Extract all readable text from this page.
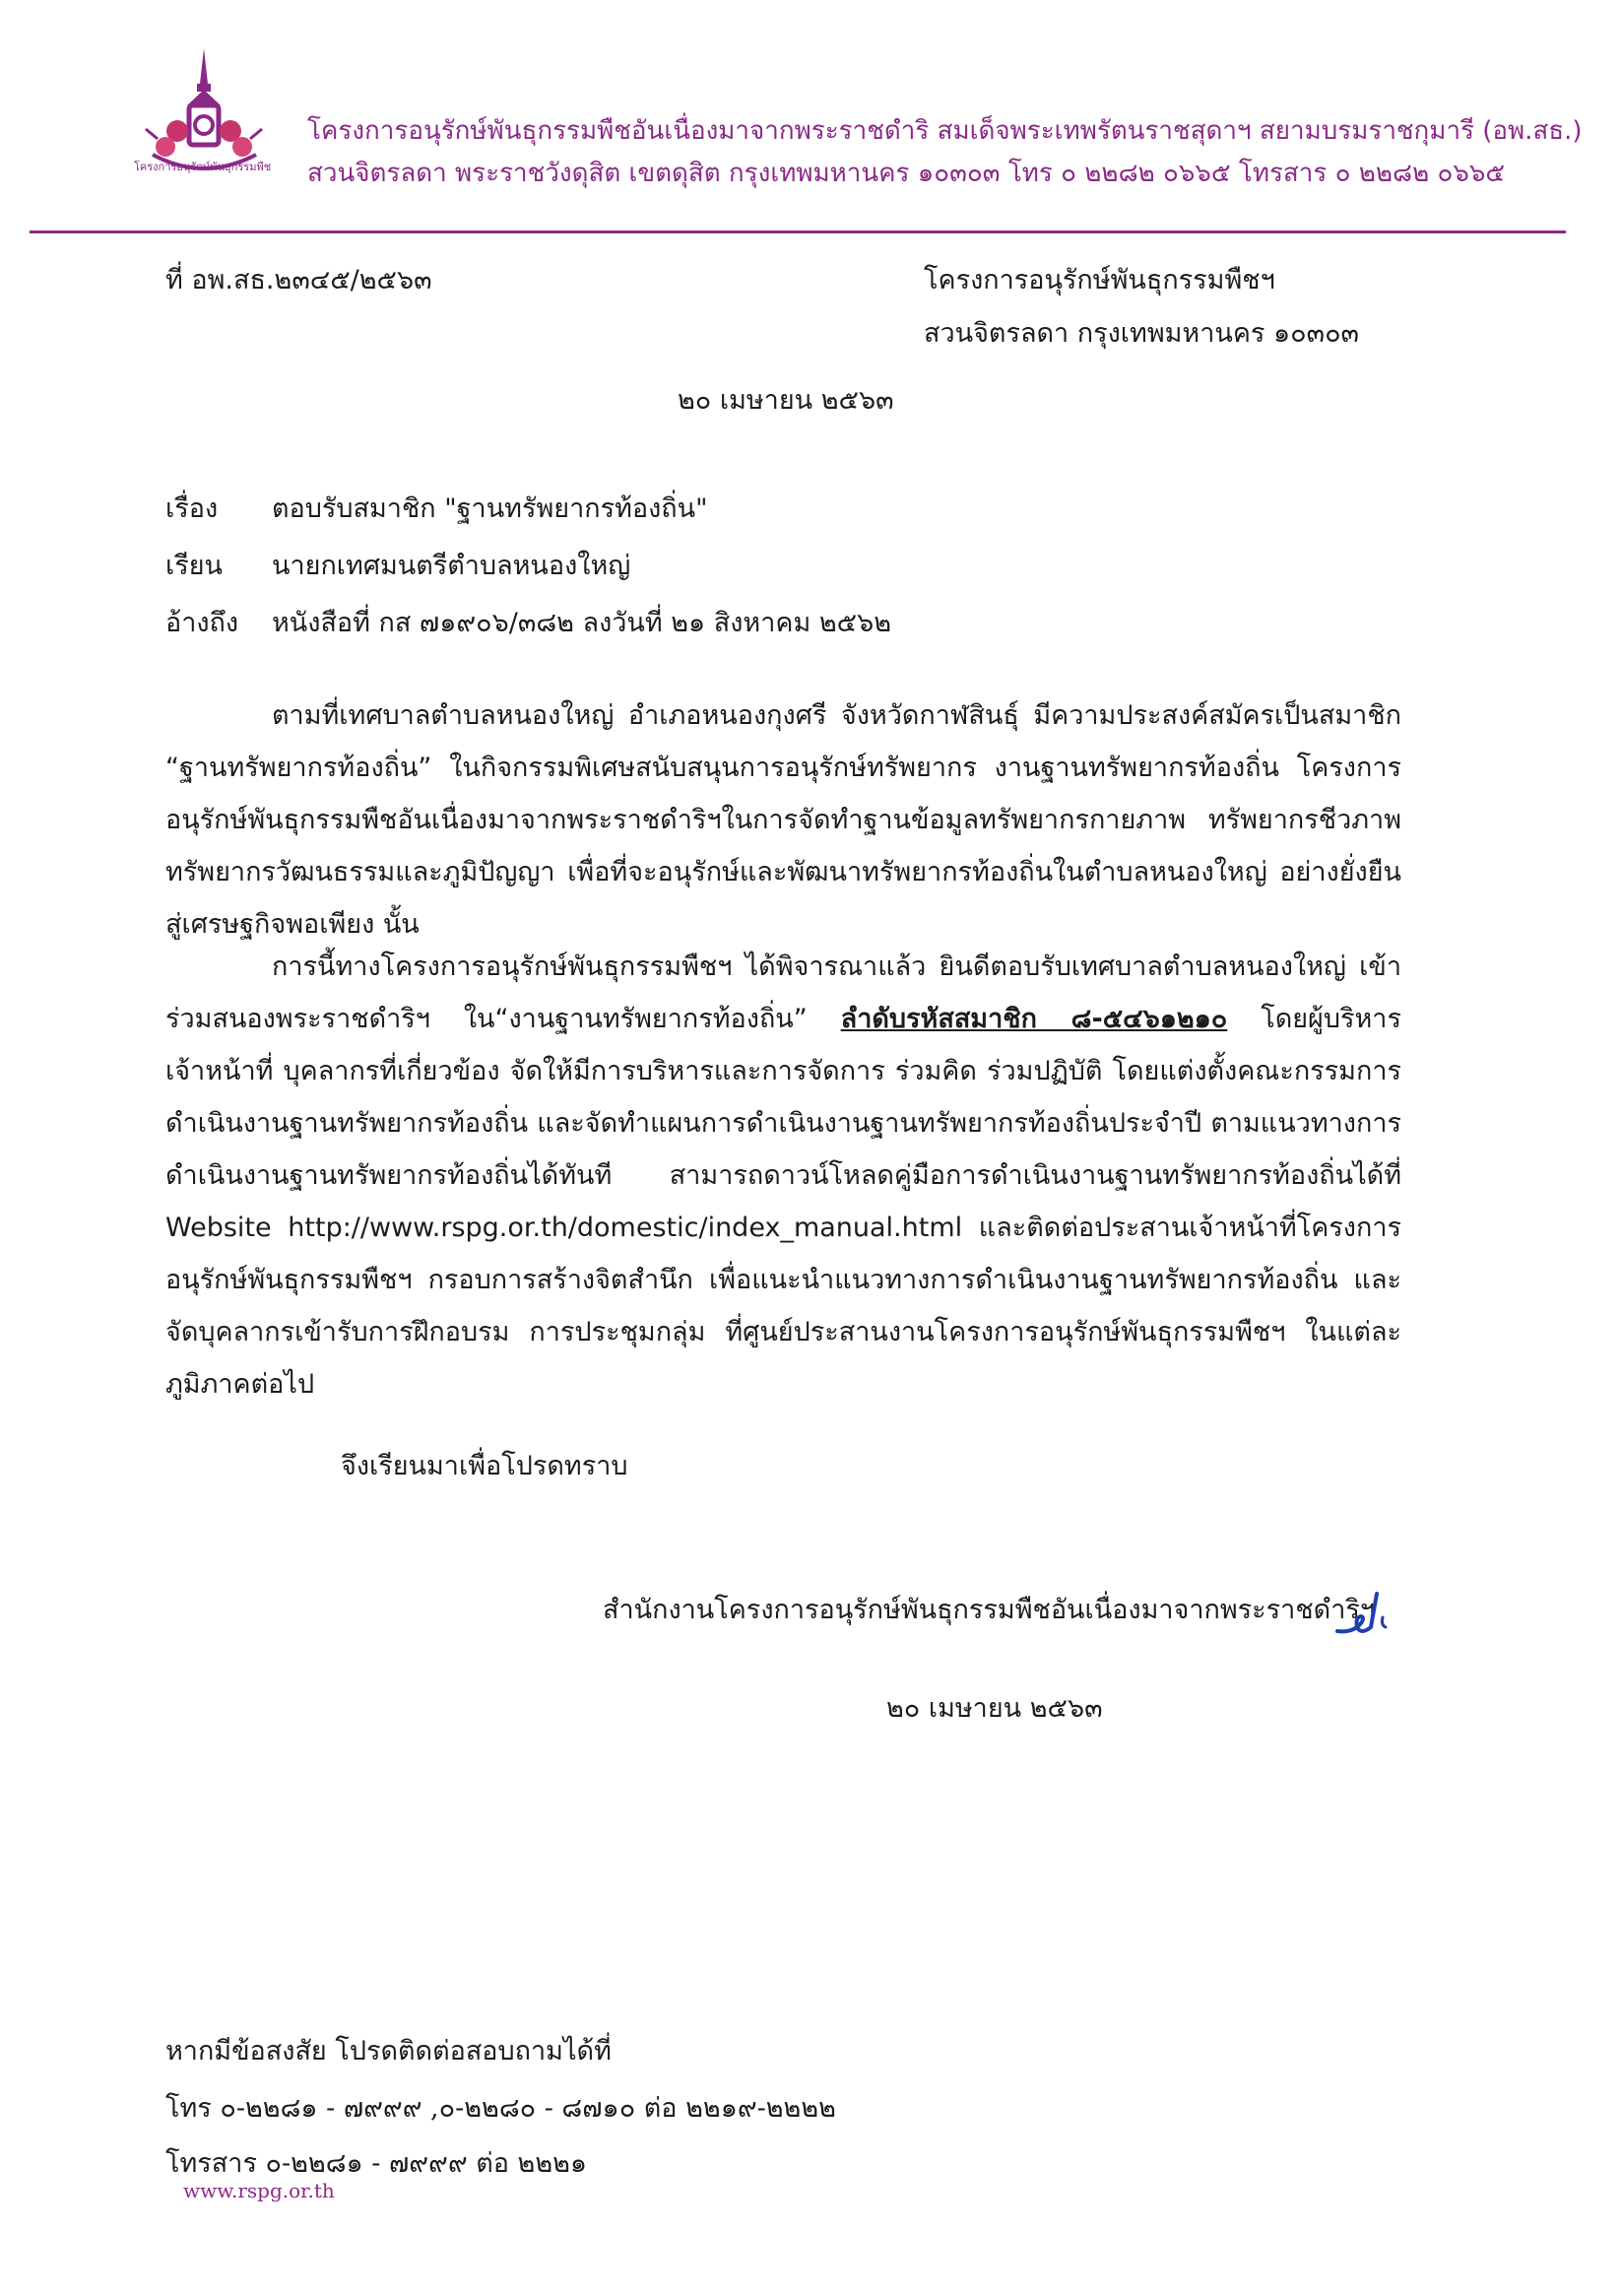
โครงการอนุรักษ์พันธุกรรมพืช
โครงการอนุรักษ์พันธุกรรมพืชอันเนื่องมาจากพระราชดำริ สมเด็จพระเทพรัตนราชสุดาฯ สยามบรมราชกุมารี (อพ.สธ.)
สวนจิตรลดา พระราชวังดุสิต เขตดุสิต กรุงเทพมหานคร ๑๐๓๐๓ โทร ๐ ๒๒๘๒ ๐๖๖๕ โทรสาร ๐ ๒๒๘๒ ๐๖๖๕
ที่ อพ.สธ.๒๓๔๕/๒๕๖๓	โครงการอนุรักษ์พันธุกรรมพืชฯ
สวนจิตรลดา กรุงเทพมหานคร ๑๐๓๐๓
๒๐ เมษายน ๒๕๖๓
เรื่อง ตอบรับสมาชิก "ฐานทรัพยากรท้องถิ่น"
เรียน นายกเทศมนตรีตำบลหนองใหญ่
อ้างถึง หนังสือที่ กส ๗๑๙๐๖/๓๘๒ ลงวันที่ ๒๑ สิงหาคม ๒๕๖๒
ตามที่เทศบาลตำบลหนองใหญ่ อำเภอหนองกุงศรี จังหวัดกาฬสินธุ์ มีความประสงค์สมัครเป็นสมาชิก
“ฐานทรัพยากรท้องถิ่น” ในกิจกรรมพิเศษสนับสนุนการอนุรักษ์ทรัพยากร งานฐานทรัพยากรท้องถิ่น โครงการ
อนุรักษ์พันธุกรรมพืชอันเนื่องมาจากพระราชดำริฯในการจัดทำฐานข้อมูลทรัพยากรกายภาพ ทรัพยากรชีวภาพ
ทรัพยากรวัฒนธรรมและภูมิปัญญา เพื่อที่จะอนุรักษ์และพัฒนาทรัพยากรท้องถิ่นในตำบลหนองใหญ่ อย่างยั่งยืน
สู่เศรษฐกิจพอเพียง นั้น
การนี้ทางโครงการอนุรักษ์พันธุกรรมพืชฯ ได้พิจารณาแล้ว ยินดีตอบรับเทศบาลตำบลหนองใหญ่ เข้า
ร่วมสนองพระราชดำริฯ ใน“งานฐานทรัพยากรท้องถิ่น” ลำดับรหัสสมาชิก ๘-๕๔๖๑๒๑๐ โดยผู้บริหาร
เจ้าหน้าที่ บุคลากรที่เกี่ยวข้อง จัดให้มีการบริหารและการจัดการ ร่วมคิด ร่วมปฏิบัติ โดยแต่งตั้งคณะกรรมการ
ดำเนินงานฐานทรัพยากรท้องถิ่น และจัดทำแผนการดำเนินงานฐานทรัพยากรท้องถิ่นประจำปี ตามแนวทางการ
ดำเนินงานฐานทรัพยากรท้องถิ่นได้ทันที สามารถดาวน์โหลดคู่มือการดำเนินงานฐานทรัพยากรท้องถิ่นได้ที่
Website http://www.rspg.or.th/domestic/index_manual.html และติดต่อประสานเจ้าหน้าที่โครงการ
อนุรักษ์พันธุกรรมพืชฯ กรอบการสร้างจิตสำนึก เพื่อแนะนำแนวทางการดำเนินงานฐานทรัพยากรท้องถิ่น และ
จัดบุคลากรเข้ารับการฝึกอบรม การประชุมกลุ่ม ที่ศูนย์ประสานงานโครงการอนุรักษ์พันธุกรรมพืชฯ ในแต่ละ
ภูมิภาคต่อไป
จึงเรียนมาเพื่อโปรดทราบ
สำนักงานโครงการอนุรักษ์พันธุกรรมพืชอันเนื่องมาจากพระราชดำริฯ
๒๐ เมษายน ๒๕๖๓
หากมีข้อสงสัย โปรดติดต่อสอบถามได้ที่
โทร ๐-๒๒๘๑ - ๗๙๙๙ ,๐-๒๒๘๐ - ๘๗๑๐ ต่อ ๒๒๑๙-๒๒๒๒
โทรสาร ๐-๒๒๘๑ - ๗๙๙๙ ต่อ ๒๒๒๑
www.rspg.or.th
